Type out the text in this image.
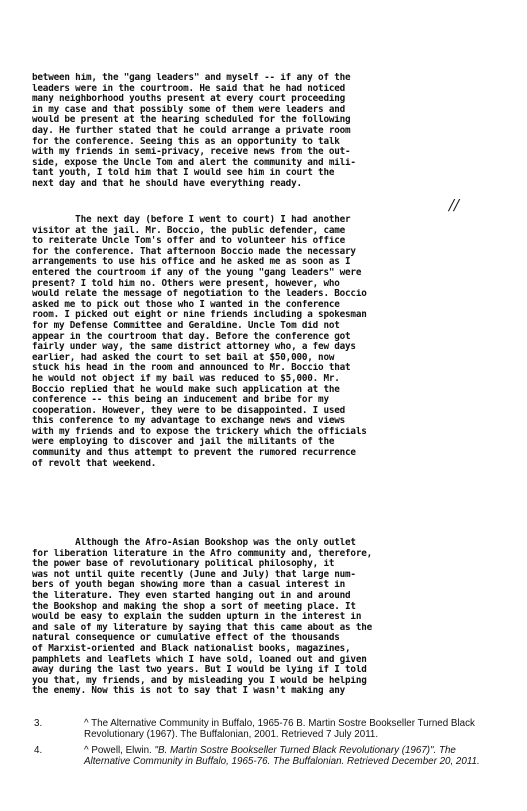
between him, the "gang leaders" and myself -- if any of the
leaders were in the courtroom. He said that he had noticed
many neighborhood youths present at every court proceeding
in my case and that possibly some of them were leaders and
would be present at the hearing scheduled for the following
day. He further stated that he could arrange a private room
for the conference. Seeing this as an opportunity to talk
with my friends in semi-privacy, receive news from the out-
side, expose the Uncle Tom and alert the community and mili-
tant youth, I told him that I would see him in court the
next day and that he should have everything ready.
//
The next day (before I went to court) I had another
visitor at the jail. Mr. Boccio, the public defender, came
to reiterate Uncle Tom's offer and to volunteer his office
for the conference. That afternoon Boccio made the necessary
arrangements to use his office and he asked me as soon as I
entered the courtroom if any of the young "gang leaders" were
present? I told him no. Others were present, however, who
would relate the message of negotiation to the leaders. Boccio
asked me to pick out those who I wanted in the conference
room. I picked out eight or nine friends including a spokesman
for my Defense Committee and Geraldine. Uncle Tom did not
appear in the courtroom that day. Before the conference got
fairly under way, the same district attorney who, a few days
earlier, had asked the court to set bail at $50,000, now
stuck his head in the room and announced to Mr. Boccio that
he would not object if my bail was reduced to $5,000. Mr.
Boccio replied that he would make such application at the
conference -- this being an inducement and bribe for my
cooperation. However, they were to be disappointed. I used
this conference to my advantage to exchange news and views
with my friends and to expose the trickery which the officials
were employing to discover and jail the militants of the
community and thus attempt to prevent the rumored recurrence
of revolt that weekend.
Although the Afro-Asian Bookshop was the only outlet
for liberation literature in the Afro community and, therefore,
the power base of revolutionary political philosophy, it
was not until quite recently (June and July) that large num-
bers of youth began showing more than a casual interest in
the literature. They even started hanging out in and around
the Bookshop and making the shop a sort of meeting place. It
would be easy to explain the sudden upturn in the interest in
and sale of my literature by saying that this came about as the
natural consequence or cumulative effect of the thousands
of Marxist-oriented and Black nationalist books, magazines,
pamphlets and leaflets which I have sold, loaned out and given
away during the last two years. But I would be lying if I told
you that, my friends, and by misleading you I would be helping
the enemy. Now this is not to say that I wasn't making any
3.	^ The Alternative Community in Buffalo, 1965-76 B. Martin Sostre Bookseller Turned Black Revolutionary (1967). The Buffalonian, 2001. Retrieved 7 July 2011.
4.	^ Powell, Elwin. "B. Martin Sostre Bookseller Turned Black Revolutionary (1967)". The Alternative Community in Buffalo, 1965-76. The Buffalonian. Retrieved December 20, 2011.
